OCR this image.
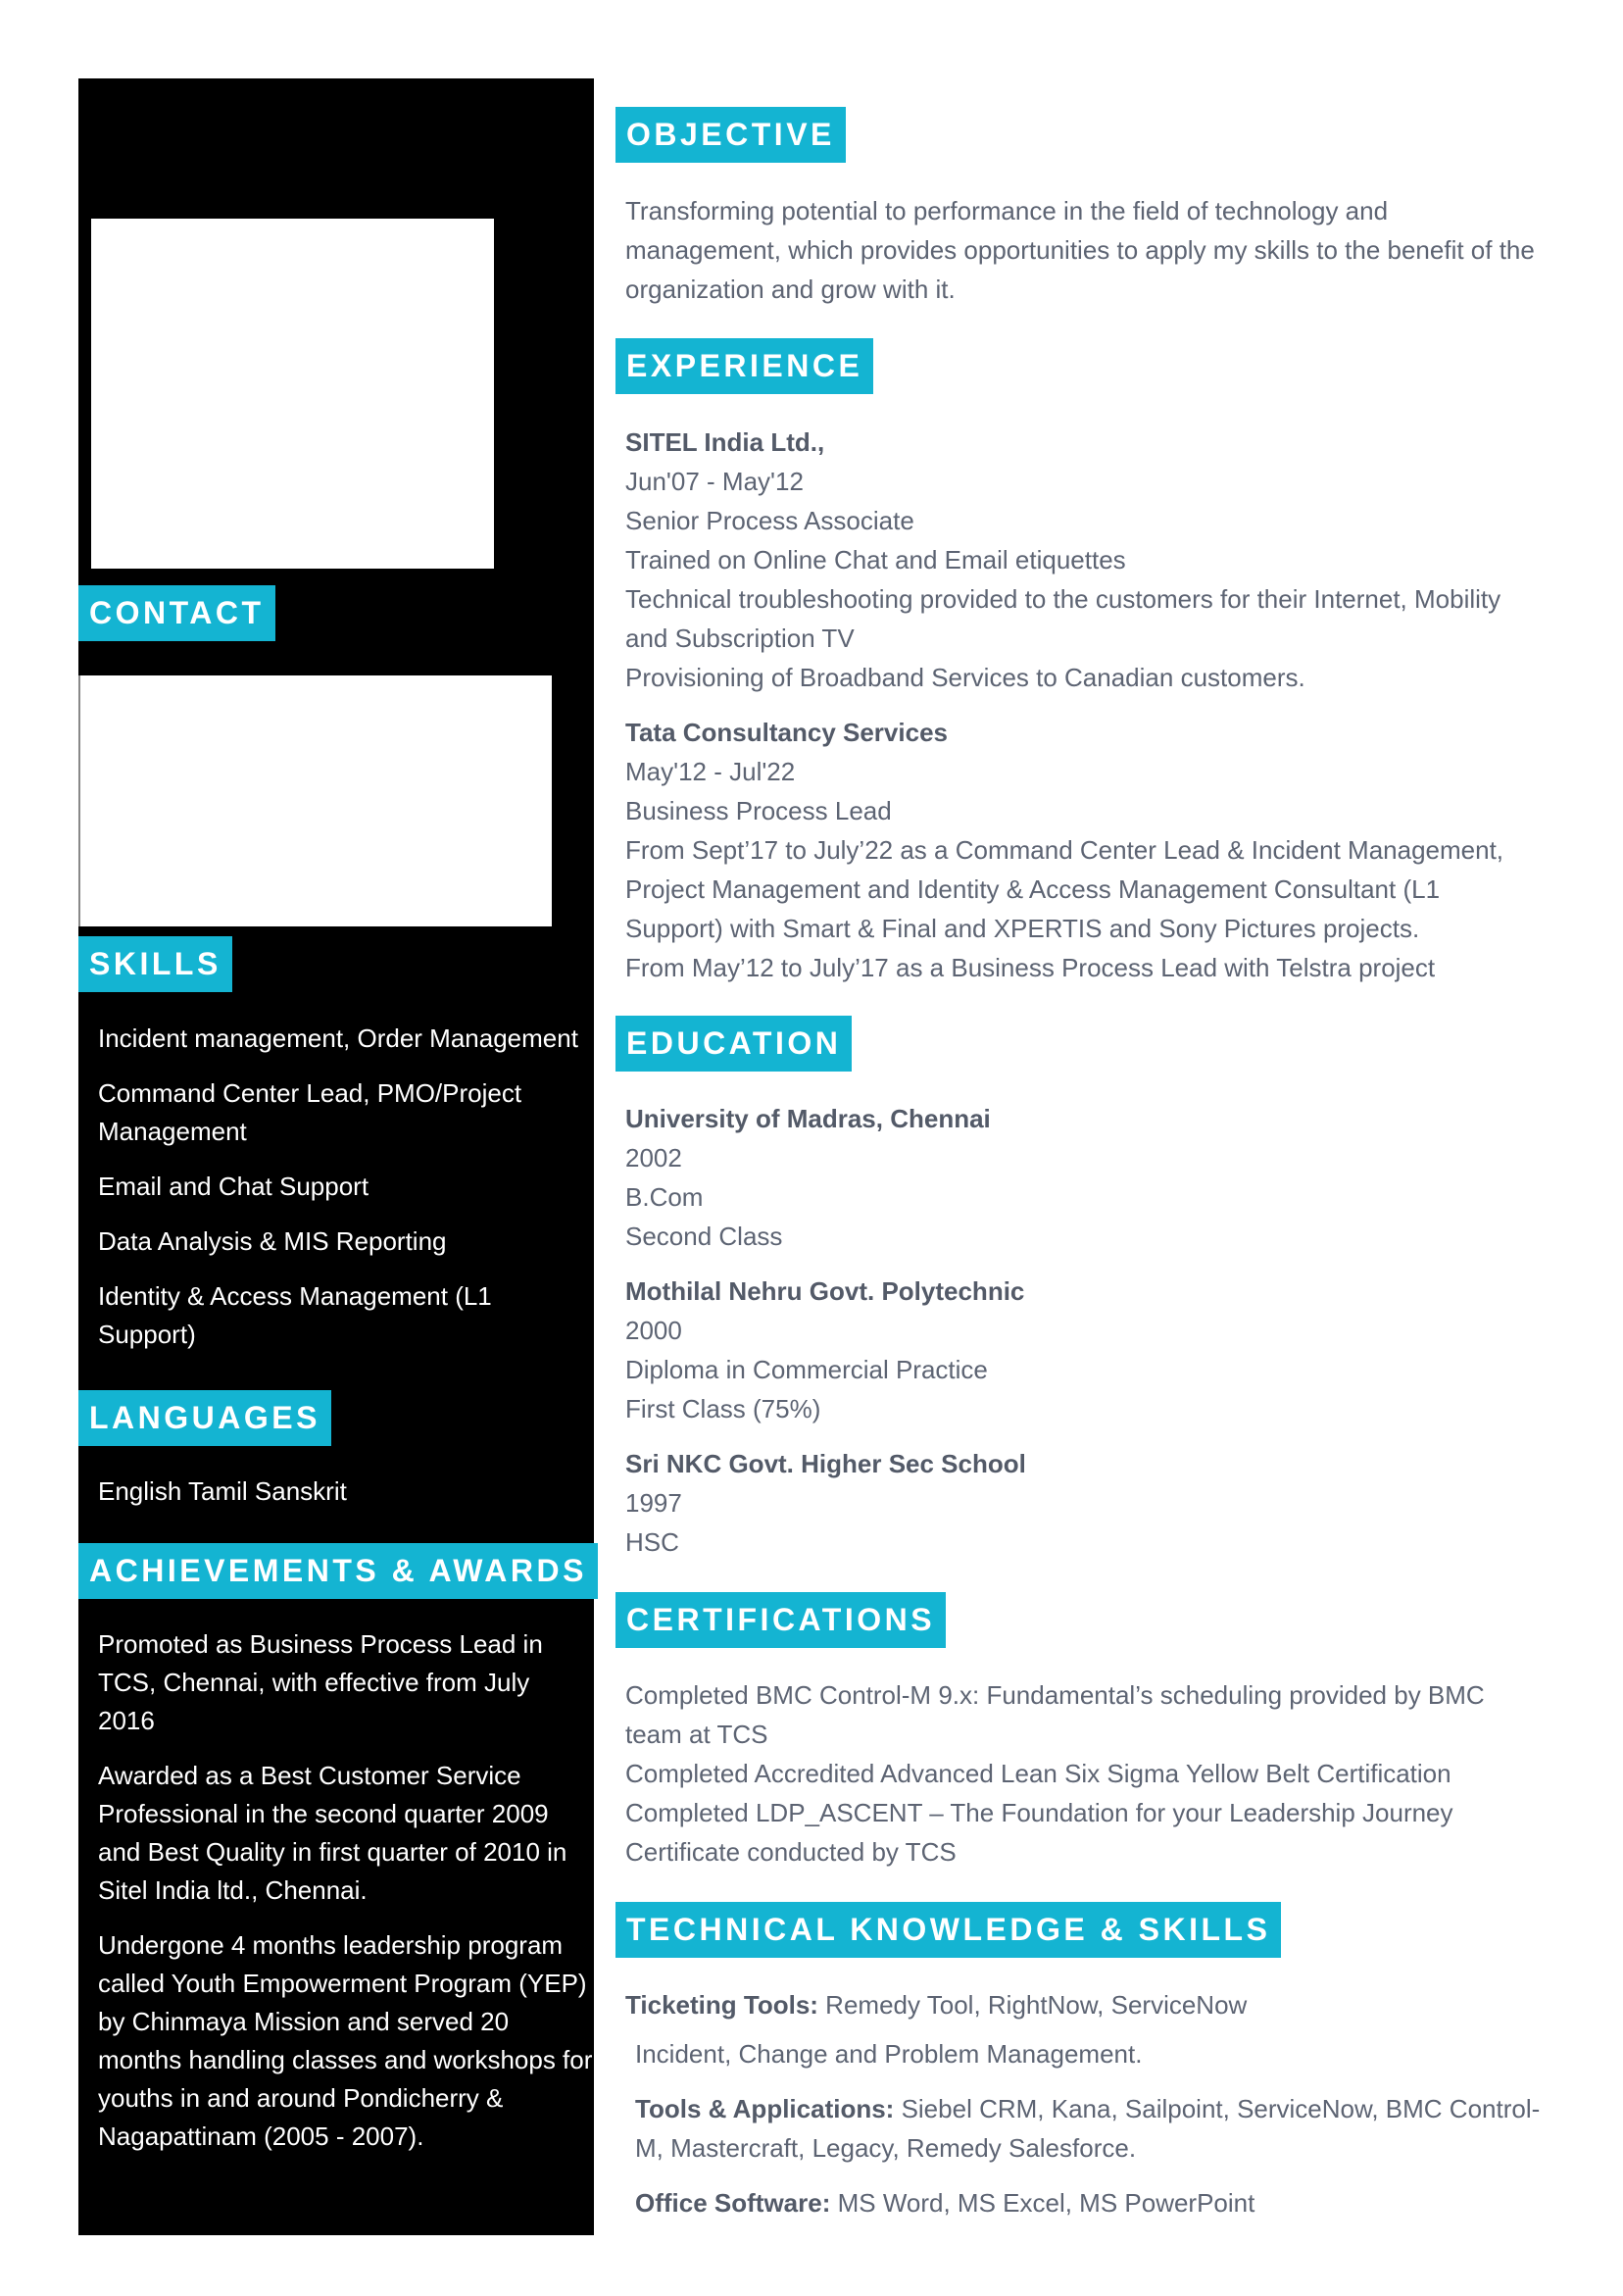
CONTACT
SKILLS
Incident management, Order Management
Command Center Lead, PMO/Project Management
Email and Chat Support
Data Analysis & MIS Reporting
Identity & Access Management (L1 Support)
LANGUAGES
English Tamil Sanskrit
ACHIEVEMENTS & AWARDS
Promoted as Business Process Lead in TCS, Chennai, with effective from July 2016
Awarded as a Best Customer Service Professional in the second quarter 2009 and Best Quality in first quarter of 2010 in Sitel India ltd., Chennai.
Undergone 4 months leadership program called Youth Empowerment Program (YEP) by Chinmaya Mission and served 20 months handling classes and workshops for youths in and around Pondicherry & Nagapattinam (2005 - 2007).
OBJECTIVE
Transforming potential to performance in the field of technology and management, which provides opportunities to apply my skills to the benefit of the organization and grow with it.
EXPERIENCE
SITEL India Ltd.,
Jun'07 - May'12
Senior Process Associate
Trained on Online Chat and Email etiquettes
Technical troubleshooting provided to the customers for their Internet, Mobility and Subscription TV
Provisioning of Broadband Services to Canadian customers.
Tata Consultancy Services
May'12 - Jul'22
Business Process Lead
From Sept’17 to July’22 as a Command Center Lead & Incident Management, Project Management and Identity & Access Management Consultant (L1 Support) with Smart & Final and XPERTIS and Sony Pictures projects.
From May’12 to July’17 as a Business Process Lead with Telstra project
EDUCATION
University of Madras, Chennai
2002
B.Com
Second Class
Mothilal Nehru Govt. Polytechnic
2000
Diploma in Commercial Practice
First Class (75%)
Sri NKC Govt. Higher Sec School
1997
HSC
CERTIFICATIONS
Completed BMC Control-M 9.x: Fundamental’s scheduling provided by BMC team at TCS
Completed Accredited Advanced Lean Six Sigma Yellow Belt Certification
Completed LDP_ASCENT – The Foundation for your Leadership Journey Certificate conducted by TCS
TECHNICAL KNOWLEDGE & SKILLS
Ticketing Tools: Remedy Tool, RightNow, ServiceNow
Incident, Change and Problem Management.
Tools & Applications: Siebel CRM, Kana, Sailpoint, ServiceNow, BMC Control-M, Mastercraft, Legacy, Remedy Salesforce.
Office Software: MS Word, MS Excel, MS PowerPoint
